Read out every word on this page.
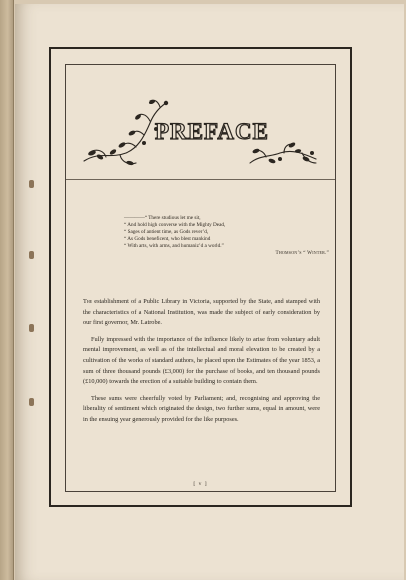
PREFACE
————“ There studious let me sit,
“ And hold high converse with the Mighty Dead,
“ Sages of antient time, as Gods rever’d,
“ As Gods beneficent, who blest mankind
“ With arts, with arms, and humaniz’d a world.”
Thomson’s “ Winter.”

The establishment of a Public Library in Victoria, supported by the State, and stamped with the characteristics of a National Institution, was made the subject of early consideration by our first governor, Mr. Latrobe.

Fully impressed with the importance of the influence likely to arise from voluntary adult mental improvement, as well as of the intellectual and moral elevation to be created by a cultivation of the works of standard authors, he placed upon the Estimates of the year 1853, a sum of three thousand pounds (£3,000) for the purchase of books, and ten thousand pounds (£10,000) towards the erection of a suitable building to contain them.

These sums were cheerfully voted by Parliament; and, recognising and approving the liberality of sentiment which originated the design, two further sums, equal in amount, were in the ensuing year generously provided for the like purposes.

[ v ]
